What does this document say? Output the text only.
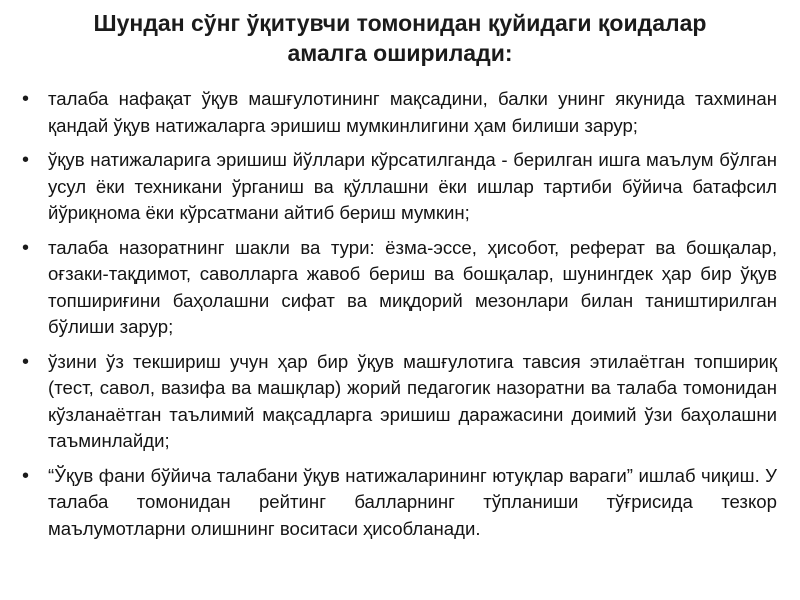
Шундан сўнг ўқитувчи томонидан қуйидаги қоидалар амалга оширилади:
• талаба нафақат ўқув машғулотининг мақсадини, балки унинг якунида тахминан қандай ўқув натижаларга эришиш мумкинлигини ҳам билиши зарур;
• ўқув натижаларига эришиш йўллари кўрсатилганда - берилган ишга маълум бўлган усул ёки техникани ўрганиш ва қўллашни ёки ишлар тартиби бўйича батафсил йўриқнома ёки кўрсатмани айтиб бериш мумкин;
• талаба назоратнинг шакли ва тури: ёзма-эссе, ҳисобот, реферат ва бошқалар, оғзаки-тақдимот, саволларга жавоб бериш ва бошқалар, шунингдек ҳар бир ўқув топшириғини баҳолашни сифат ва миқдорий мезонлари билан таништирилган бўлиши зарур;
• ўзини ўз текшириш учун ҳар бир ўқув машғулотига тавсия этилаётган топшириқ (тест, савол, вазифа ва машқлар) жорий педагогик назоратни ва талаба томонидан кўзланаётган таълимий мақсадларга эришиш даражасини доимий ўзи баҳолашни таъминлайди;
• “Ўқув фани бўйича талабани ўқув натижаларининг ютуқлар вараги” ишлаб чиқиш. У талаба томонидан рейтинг балларнинг тўпланиши тўғрисида тезкор маълумотларни олишнинг воситаси ҳисобланади.
